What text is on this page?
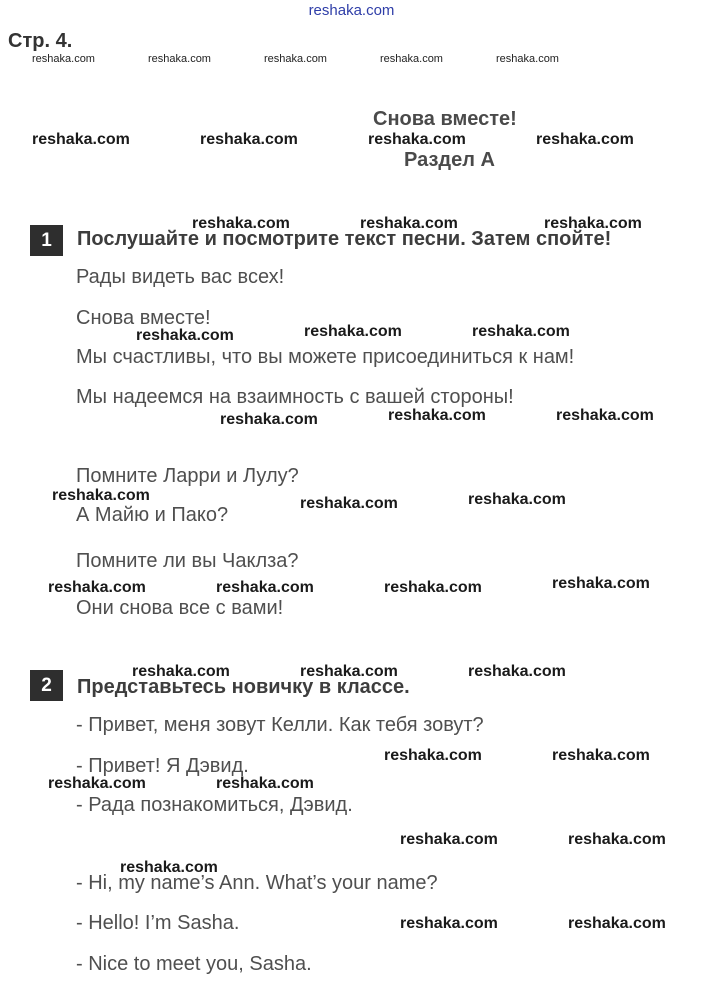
reshaka.com
Стр. 4.
reshaka.com	reshaka.com	reshaka.com	reshaka.com	reshaka.com
Снова вместе!
Раздел А
reshaka.com	reshaka.com	reshaka.com	reshaka.com
1	Послушайте и посмотрите текст песни. Затем спойте!
Рады видеть вас всех!
Снова вместе!
Мы счастливы, что вы можете присоединиться к нам!
Мы надеемся на взаимность с вашей стороны!
Помните Ларри и Лулу?
А Майю и Пако?
Помните ли вы Чаклза?
Они снова все с вами!
reshaka.com	reshaka.com	reshaka.com
reshaka.com	reshaka.com	reshaka.com
reshaka.com	reshaka.com	reshaka.com
reshaka.com	reshaka.com	reshaka.com
reshaka.com	reshaka.com	reshaka.com	reshaka.com
2	Представьтесь новичку в классе.
- Привет, меня зовут Келли. Как тебя зовут?
- Привет! Я Дэвид.
- Рада познакомиться, Дэвид.
- Hi, my name’s Ann. What’s your name?
- Hello! I’m Sasha.
- Nice to meet you, Sasha.
reshaka.com	reshaka.com	reshaka.com
reshaka.com	reshaka.com
reshaka.com	reshaka.com
reshaka.com	reshaka.com
reshaka.com
reshaka.com	reshaka.com
